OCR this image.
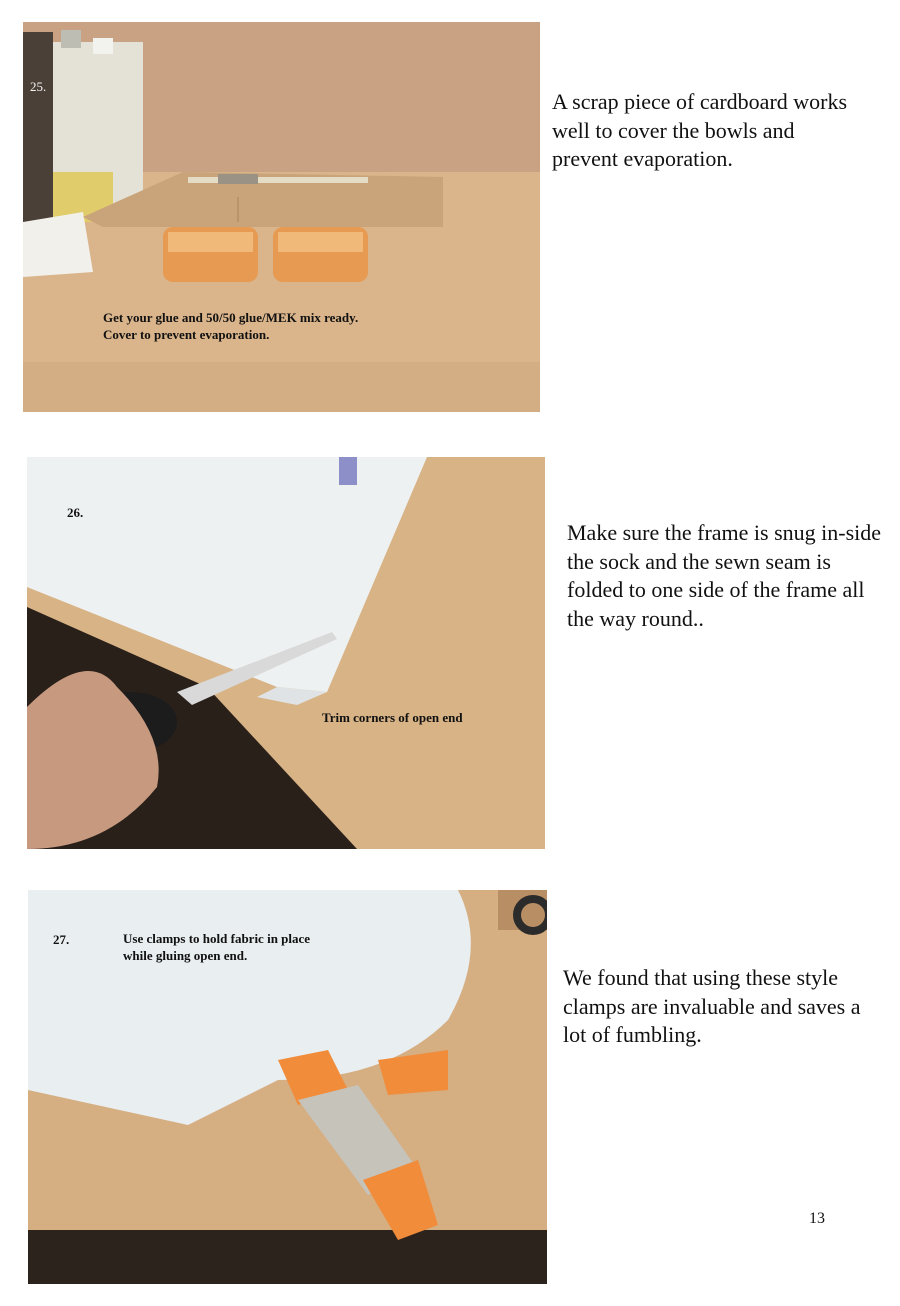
25.
Get your glue and 50/50 glue/MEK mix ready.
Cover to prevent evaporation.
A scrap piece of cardboard works well to cover the bowls and prevent evaporation.
26.
Trim corners of open end
Make sure the frame is snug in-side the sock and the sewn seam is folded to one side of the frame all the way round..
27.	Use clamps to hold fabric in place
while gluing open end.
We found that using these style clamps are invaluable and saves a lot of fumbling.
13
